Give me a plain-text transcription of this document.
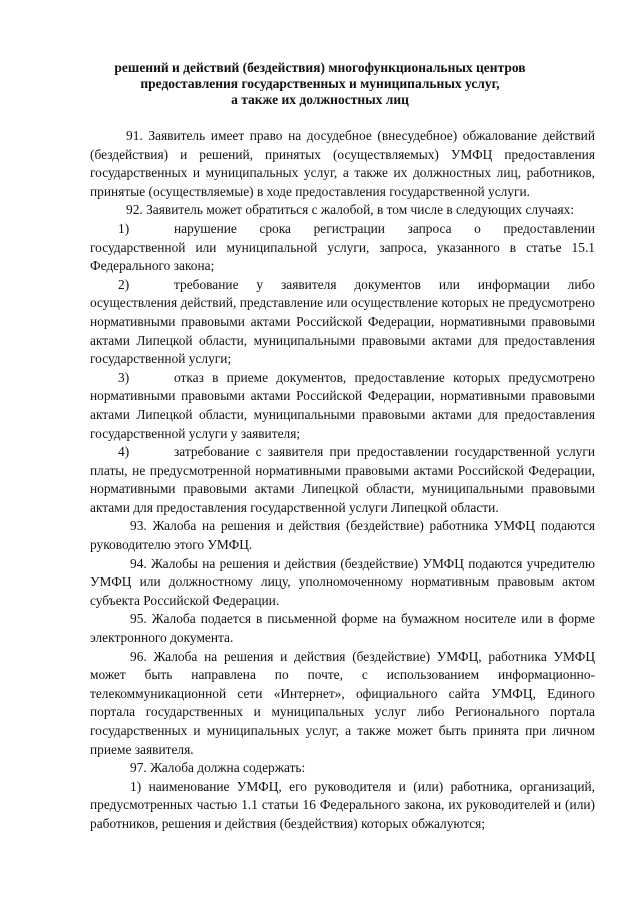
решений и действий (бездействия) многофункциональных центров
предоставления государственных и муниципальных услуг,
а также их должностных лиц

91. Заявитель имеет право на досудебное (внесудебное) обжалование действий (бездействия) и решений, принятых (осуществляемых) УМФЦ предоставления государственных и муниципальных услуг, а также их должностных лиц, работников, принятые (осуществляемые) в ходе предоставления государственной услуги.

92. Заявитель может обратиться с жалобой, в том числе в следующих случаях:

1)	нарушение срока регистрации запроса о предоставлении государственной или муниципальной услуги, запроса, указанного в статье 15.1 Федерального закона;

2)	требование у заявителя документов или информации либо осуществления действий, представление или осуществление которых не предусмотрено нормативными правовыми актами Российской Федерации, нормативными правовыми актами Липецкой области, муниципальными правовыми актами для предоставления государственной услуги;

3)	отказ в приеме документов, предоставление которых предусмотрено нормативными правовыми актами Российской Федерации, нормативными правовыми актами Липецкой области, муниципальными правовыми актами для предоставления государственной услуги у заявителя;

4)	затребование с заявителя при предоставлении государственной услуги платы, не предусмотренной нормативными правовыми актами Российской Федерации, нормативными правовыми актами Липецкой области, муниципальными правовыми актами для предоставления государственной услуги Липецкой области.

93. Жалоба на решения и действия (бездействие) работника УМФЦ подаются руководителю этого УМФЦ.

94. Жалобы на решения и действия (бездействие) УМФЦ подаются учредителю УМФЦ или должностному лицу, уполномоченному нормативным правовым актом субъекта Российской Федерации.

95. Жалоба подается в письменной форме на бумажном носителе или в форме электронного документа.

96. Жалоба на решения и действия (бездействие) УМФЦ, работника УМФЦ может быть направлена по почте, с использованием информационно-телекоммуникационной сети «Интернет», официального сайта УМФЦ, Единого портала государственных и муниципальных услуг либо Регионального портала государственных и муниципальных услуг, а также может быть принята при личном приеме заявителя.

97. Жалоба должна содержать:

1) наименование УМФЦ, его руководителя и (или) работника, организаций, предусмотренных частью 1.1 статьи 16 Федерального закона, их руководителей и (или) работников, решения и действия (бездействия) которых обжалуются;
